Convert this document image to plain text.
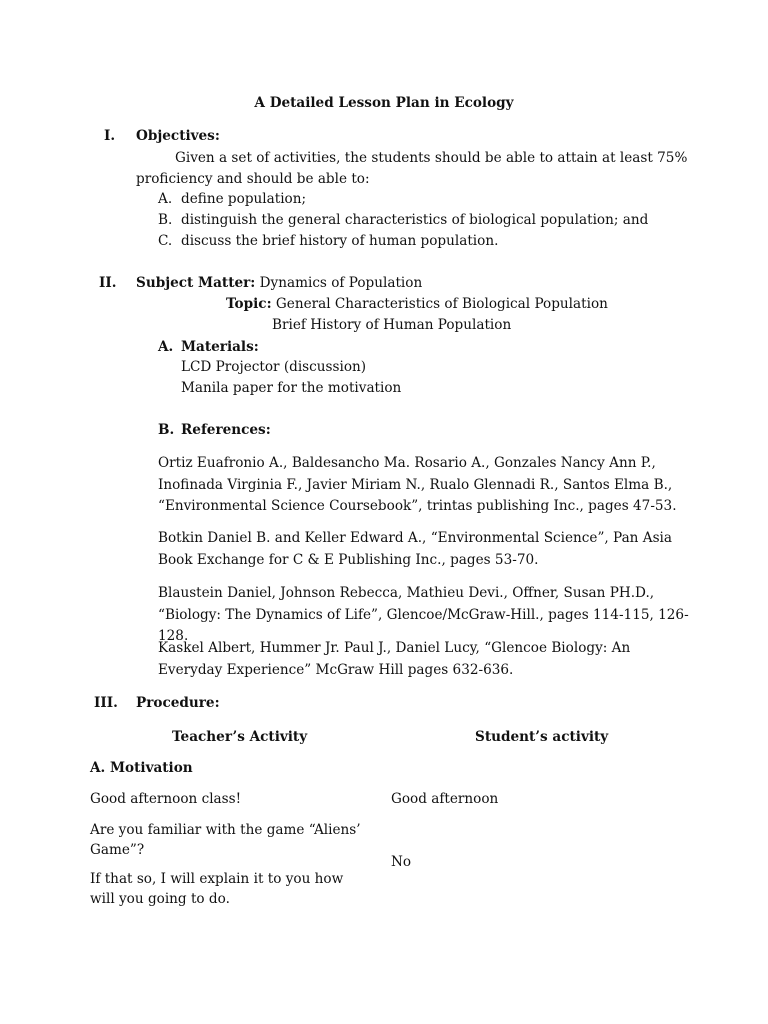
A Detailed Lesson Plan in Ecology
I. Objectives:
Given a set of activities, the students should be able to attain at least 75%
proficiency and should be able to:
A. define population;
B. distinguish the general characteristics of biological population; and
C. discuss the brief history of human population.
II. Subject Matter: Dynamics of Population
Topic: General Characteristics of Biological Population
Brief History of Human Population
A. Materials:
LCD Projector (discussion)
Manila paper for the motivation
B. References:
Ortiz Euafronio A., Baldesancho Ma. Rosario A., Gonzales Nancy Ann P., Inofinada Virginia F., Javier Miriam N., Rualo Glennadi R., Santos Elma B., “Environmental Science Coursebook”, trintas publishing Inc., pages 47-53.
Botkin Daniel B. and Keller Edward A., “Environmental Science”, Pan Asia Book Exchange for C & E Publishing Inc., pages 53-70.
Blaustein Daniel, Johnson Rebecca, Mathieu Devi., Offner, Susan PH.D., “Biology: The Dynamics of Life”, Glencoe/McGraw-Hill., pages 114-115, 126-128.
Kaskel Albert, Hummer Jr. Paul J., Daniel Lucy, “Glencoe Biology: An Everyday Experience” McGraw Hill pages 632-636.
III. Procedure:
Teacher’s Activity	Student’s activity
A. Motivation
Good afternoon class!
Are you familiar with the game “Aliens’ Game”?
If that so, I will explain it to you how will you going to do.
Good afternoon
No
